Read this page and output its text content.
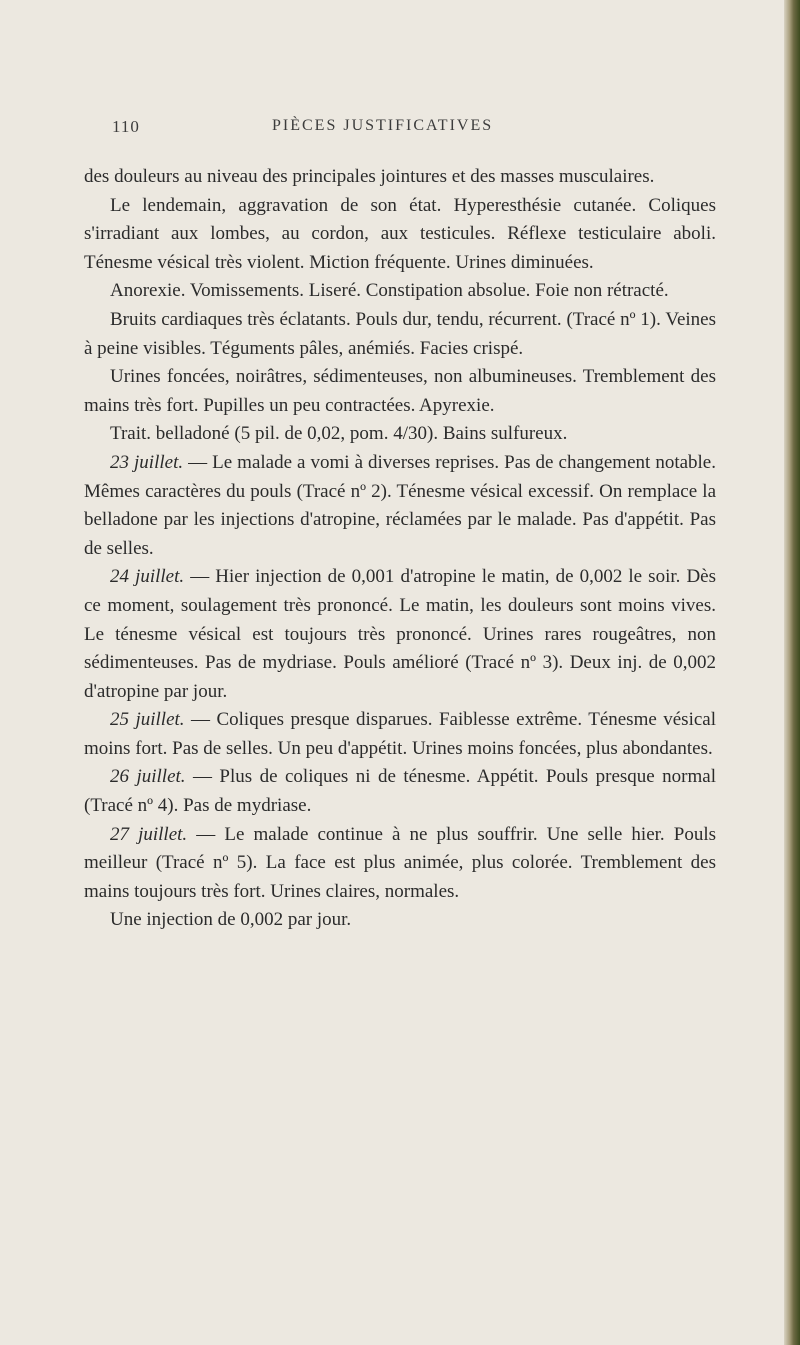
110	PIÈCES JUSTIFICATIVES

des douleurs au niveau des principales jointures et des masses musculaires.

Le lendemain, aggravation de son état. Hyperesthésie cutanée. Coliques s'irradiant aux lombes, au cordon, aux testicules. Réflexe testiculaire aboli. Ténesme vésical très violent. Miction fréquente. Urines diminuées.

Anorexie. Vomissements. Liseré. Constipation absolue. Foie non rétracté.

Bruits cardiaques très éclatants. Pouls dur, tendu, récurrent. (Tracé nº 1). Veines à peine visibles. Téguments pâles, anémiés. Facies crispé.

Urines foncées, noirâtres, sédimenteuses, non albumineuses. Tremblement des mains très fort. Pupilles un peu contractées. Apyrexie.

Trait. belladoné (5 pil. de 0,02, pom. 4/30). Bains sulfureux.

23 juillet. — Le malade a vomi à diverses reprises. Pas de changement notable. Mêmes caractères du pouls (Tracé nº 2). Ténesme vésical excessif. On remplace la belladone par les injections d'atropine, réclamées par le malade. Pas d'appétit. Pas de selles.

24 juillet. — Hier injection de 0,001 d'atropine le matin, de 0,002 le soir. Dès ce moment, soulagement très prononcé. Le matin, les douleurs sont moins vives. Le ténesme vésical est toujours très prononcé. Urines rares rougeâtres, non sédimenteuses. Pas de mydriase. Pouls amélioré (Tracé nº 3). Deux inj. de 0,002 d'atropine par jour.

25 juillet. — Coliques presque disparues. Faiblesse extrême. Ténesme vésical moins fort. Pas de selles. Un peu d'appétit. Urines moins foncées, plus abondantes.

26 juillet. — Plus de coliques ni de ténesme. Appétit. Pouls presque normal (Tracé nº 4). Pas de mydriase.

27 juillet. — Le malade continue à ne plus souffrir. Une selle hier. Pouls meilleur (Tracé nº 5). La face est plus animée, plus colorée. Tremblement des mains toujours très fort. Urines claires, normales.

Une injection de 0,002 par jour.
